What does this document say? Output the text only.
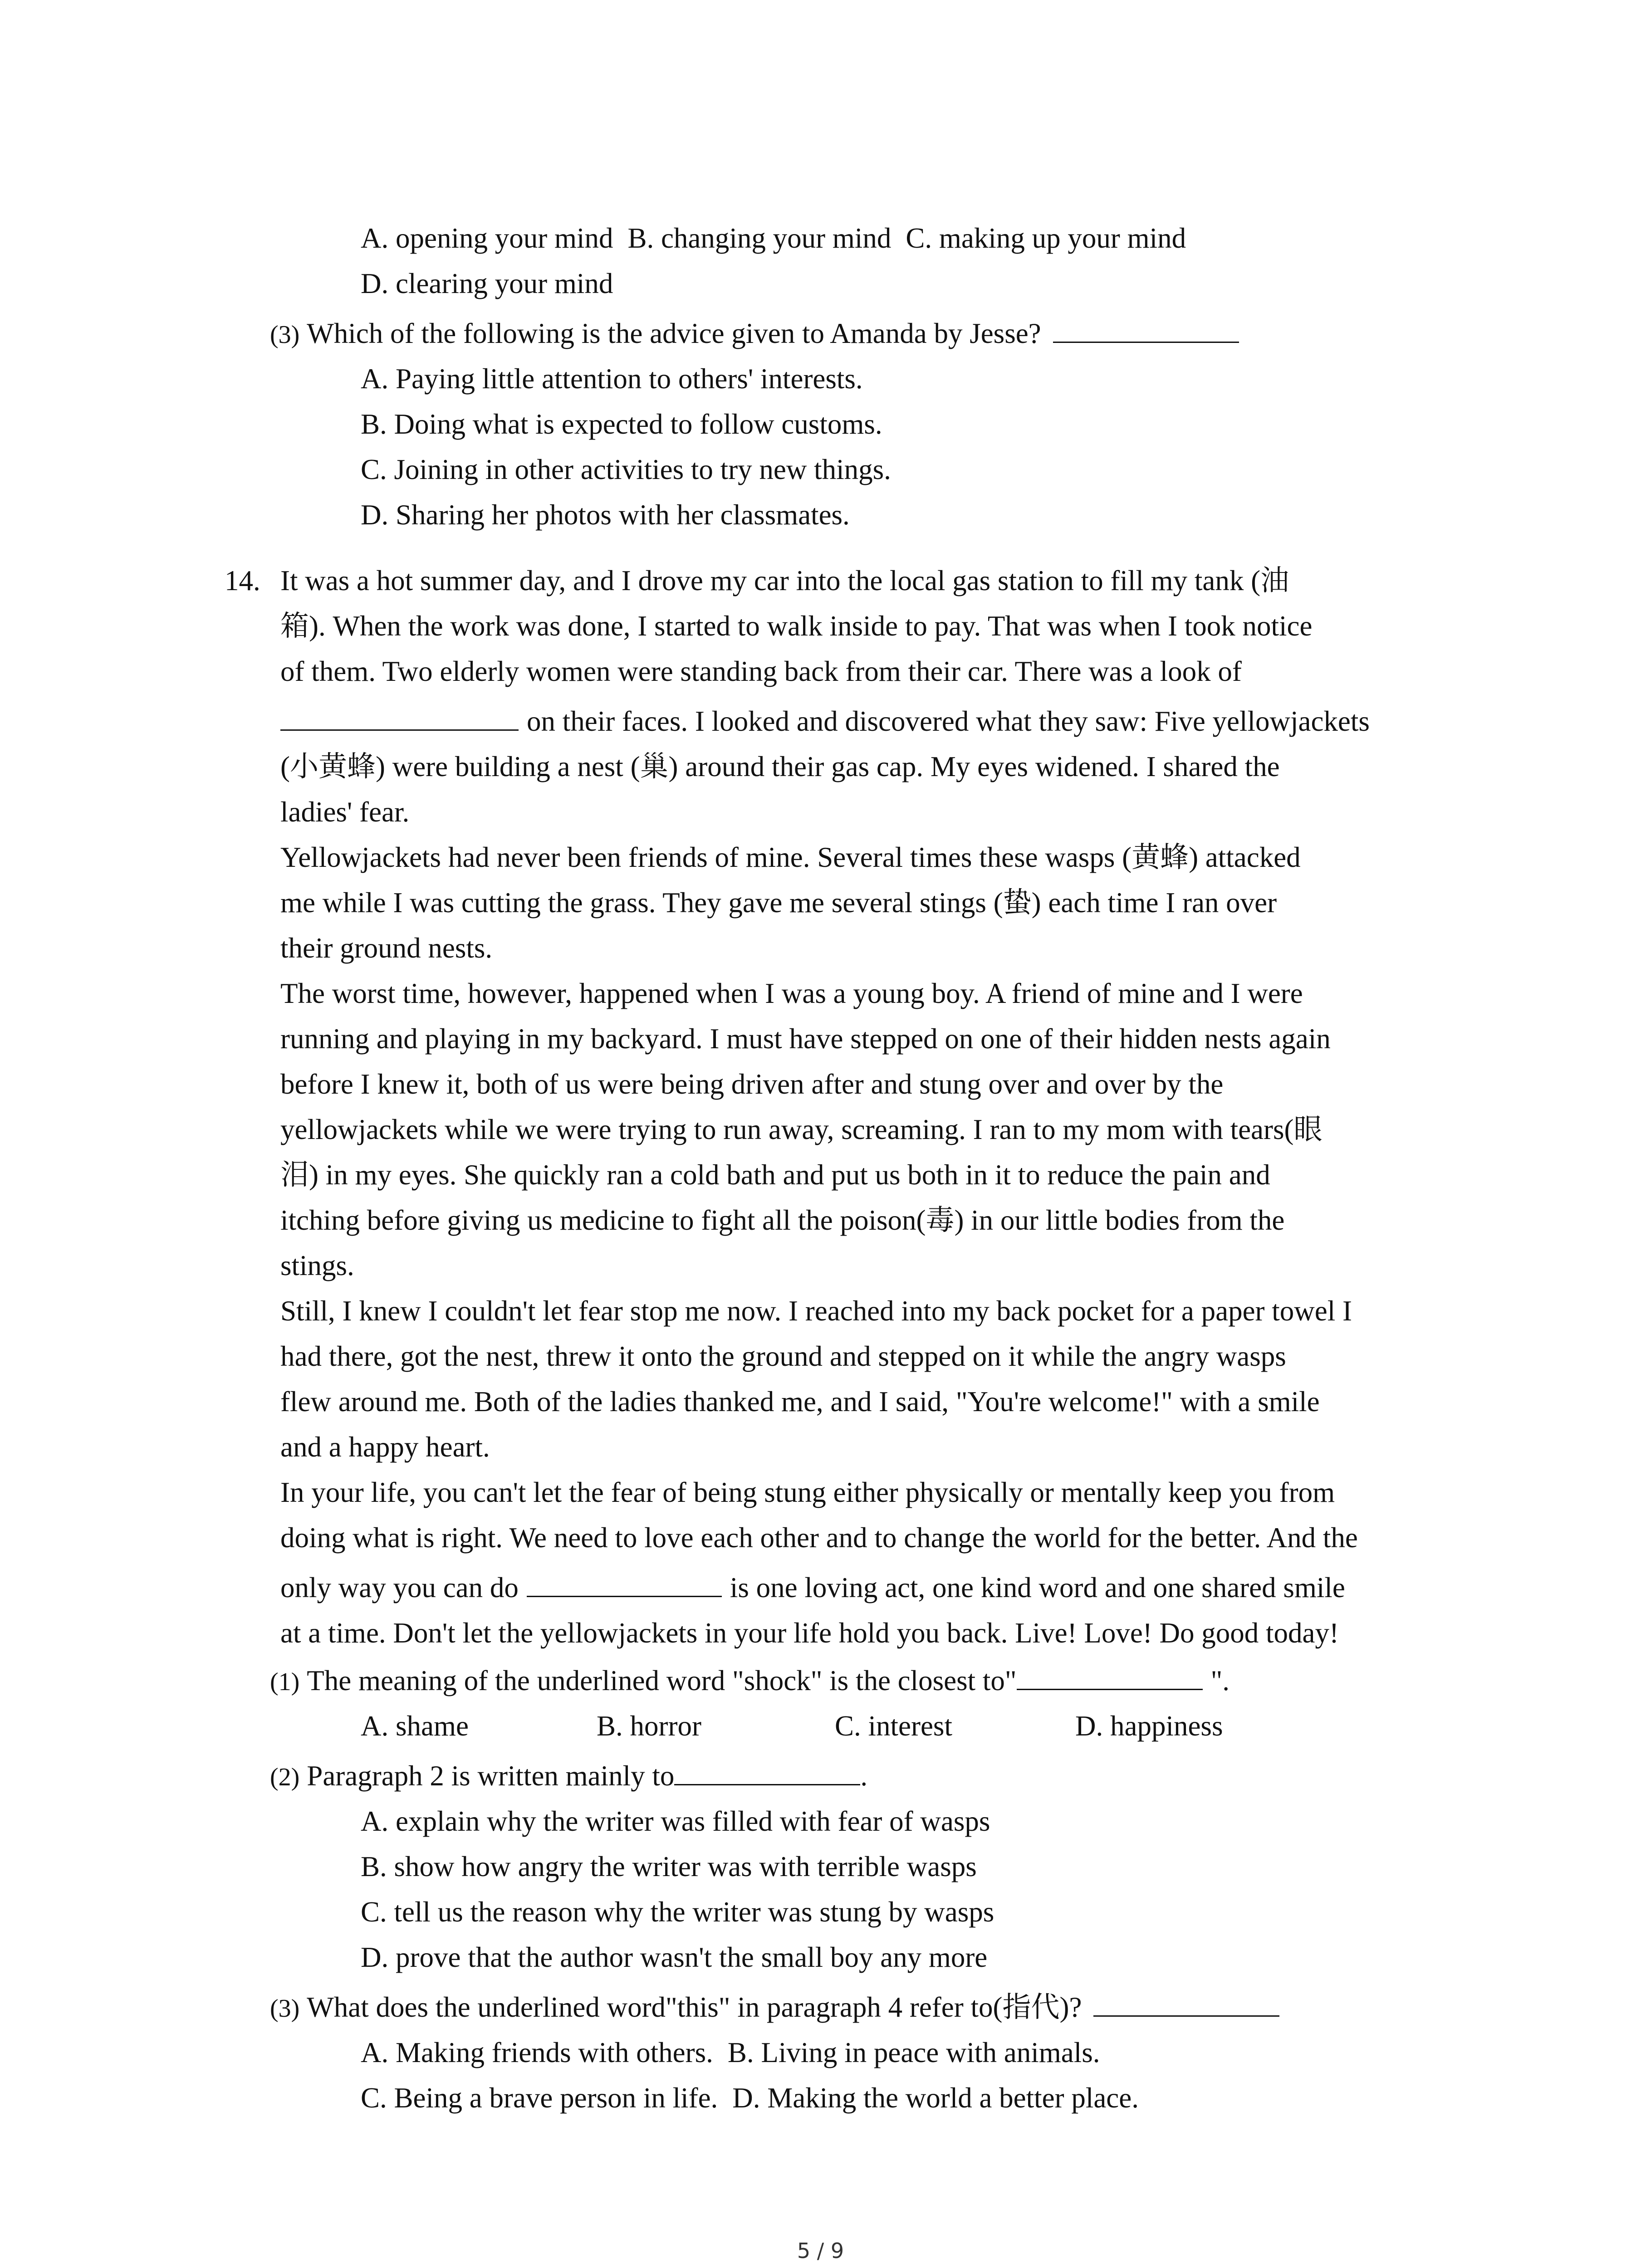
A. opening your mind B. changing your mind C. making up your mind
D. clearing your mind
(3) Which of the following is the advice given to Amanda by Jesse?
A. Paying little attention to others' interests.
B. Doing what is expected to follow customs.
C. Joining in other activities to try new things.
D. Sharing her photos with her classmates.
14. It was a hot summer day, and I drove my car into the local gas station to fill my tank (油
箱). When the work was done, I started to walk inside to pay. That was when I took notice
of them. Two elderly women were standing back from their car. There was a look of
on their faces. I looked and discovered what they saw: Five yellowjackets
(小黄蜂) were building a nest (巢) around their gas cap. My eyes widened. I shared the
ladies' fear.
Yellowjackets had never been friends of mine. Several times these wasps (黄蜂) attacked
me while I was cutting the grass. They gave me several stings (蛰) each time I ran over
their ground nests.
The worst time, however, happened when I was a young boy. A friend of mine and I were
running and playing in my backyard. I must have stepped on one of their hidden nests again
before I knew it, both of us were being driven after and stung over and over by the
yellowjackets while we were trying to run away, screaming. I ran to my mom with tears(眼
泪) in my eyes. She quickly ran a cold bath and put us both in it to reduce the pain and
itching before giving us medicine to fight all the poison(毒) in our little bodies from the
stings.
Still, I knew I couldn't let fear stop me now. I reached into my back pocket for a paper towel I
had there, got the nest, threw it onto the ground and stepped on it while the angry wasps
flew around me. Both of the ladies thanked me, and I said, "You're welcome!" with a smile
and a happy heart.
In your life, you can't let the fear of being stung either physically or mentally keep you from
doing what is right. We need to love each other and to change the world for the better. And the
only way you can do	is one loving act, one kind word and one shared smile
at a time. Don't let the yellowjackets in your life hold you back. Live! Love! Do good today!
(1) The meaning of the underlined word "shock" is the closest to"	".
A. shame	B. horror	C. interest	D. happiness
(2) Paragraph 2 is written mainly to	.
A. explain why the writer was filled with fear of wasps
B. show how angry the writer was with terrible wasps
C. tell us the reason why the writer was stung by wasps
D. prove that the author wasn't the small boy any more
(3) What does the underlined word"this" in paragraph 4 refer to(指代)?
A. Making friends with others. B. Living in peace with animals.
C. Being a brave person in life. D. Making the world a better place.
5 / 9
